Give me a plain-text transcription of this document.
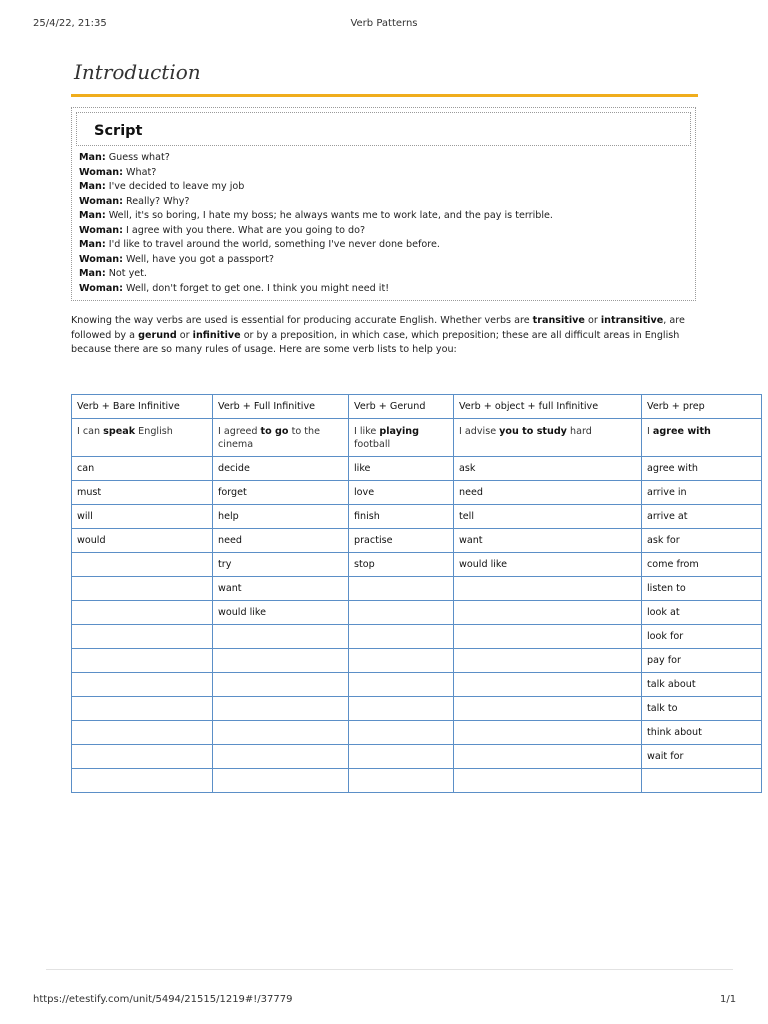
25/4/22, 21:35	Verb Patterns
Introduction
Script
Man: Guess what?
Woman: What?
Man: I've decided to leave my job
Woman: Really? Why?
Man: Well, it's so boring, I hate my boss; he always wants me to work late, and the pay is terrible.
Woman: I agree with you there. What are you going to do?
Man: I'd like to travel around the world, something I've never done before.
Woman: Well, have you got a passport?
Man: Not yet.
Woman: Well, don't forget to get one. I think you might need it!

Knowing the way verbs are used is essential for producing accurate English. Whether verbs are transitive or intransitive, are followed by a gerund or infinitive or by a preposition, in which case, which preposition; these are all difficult areas in English because there are so many rules of usage. Here are some verb lists to help you:

Verb + Bare Infinitive	Verb + Full Infinitive	Verb + Gerund	Verb + object + full Infinitive	Verb + prep
I can speak English	I agreed to go to the cinema	I like playing football	I advise you to study hard	I agree with
can	decide	like	ask	agree with
must	forget	love	need	arrive in
will	help	finish	tell	arrive at
would	need	practise	want	ask for
	try	stop	would like	come from
	want			listen to
	would like			look at
				look for
				pay for
				talk about
				talk to
				think about
				wait for

https://etestify.com/unit/5494/21515/1219#!/37779	1/1
